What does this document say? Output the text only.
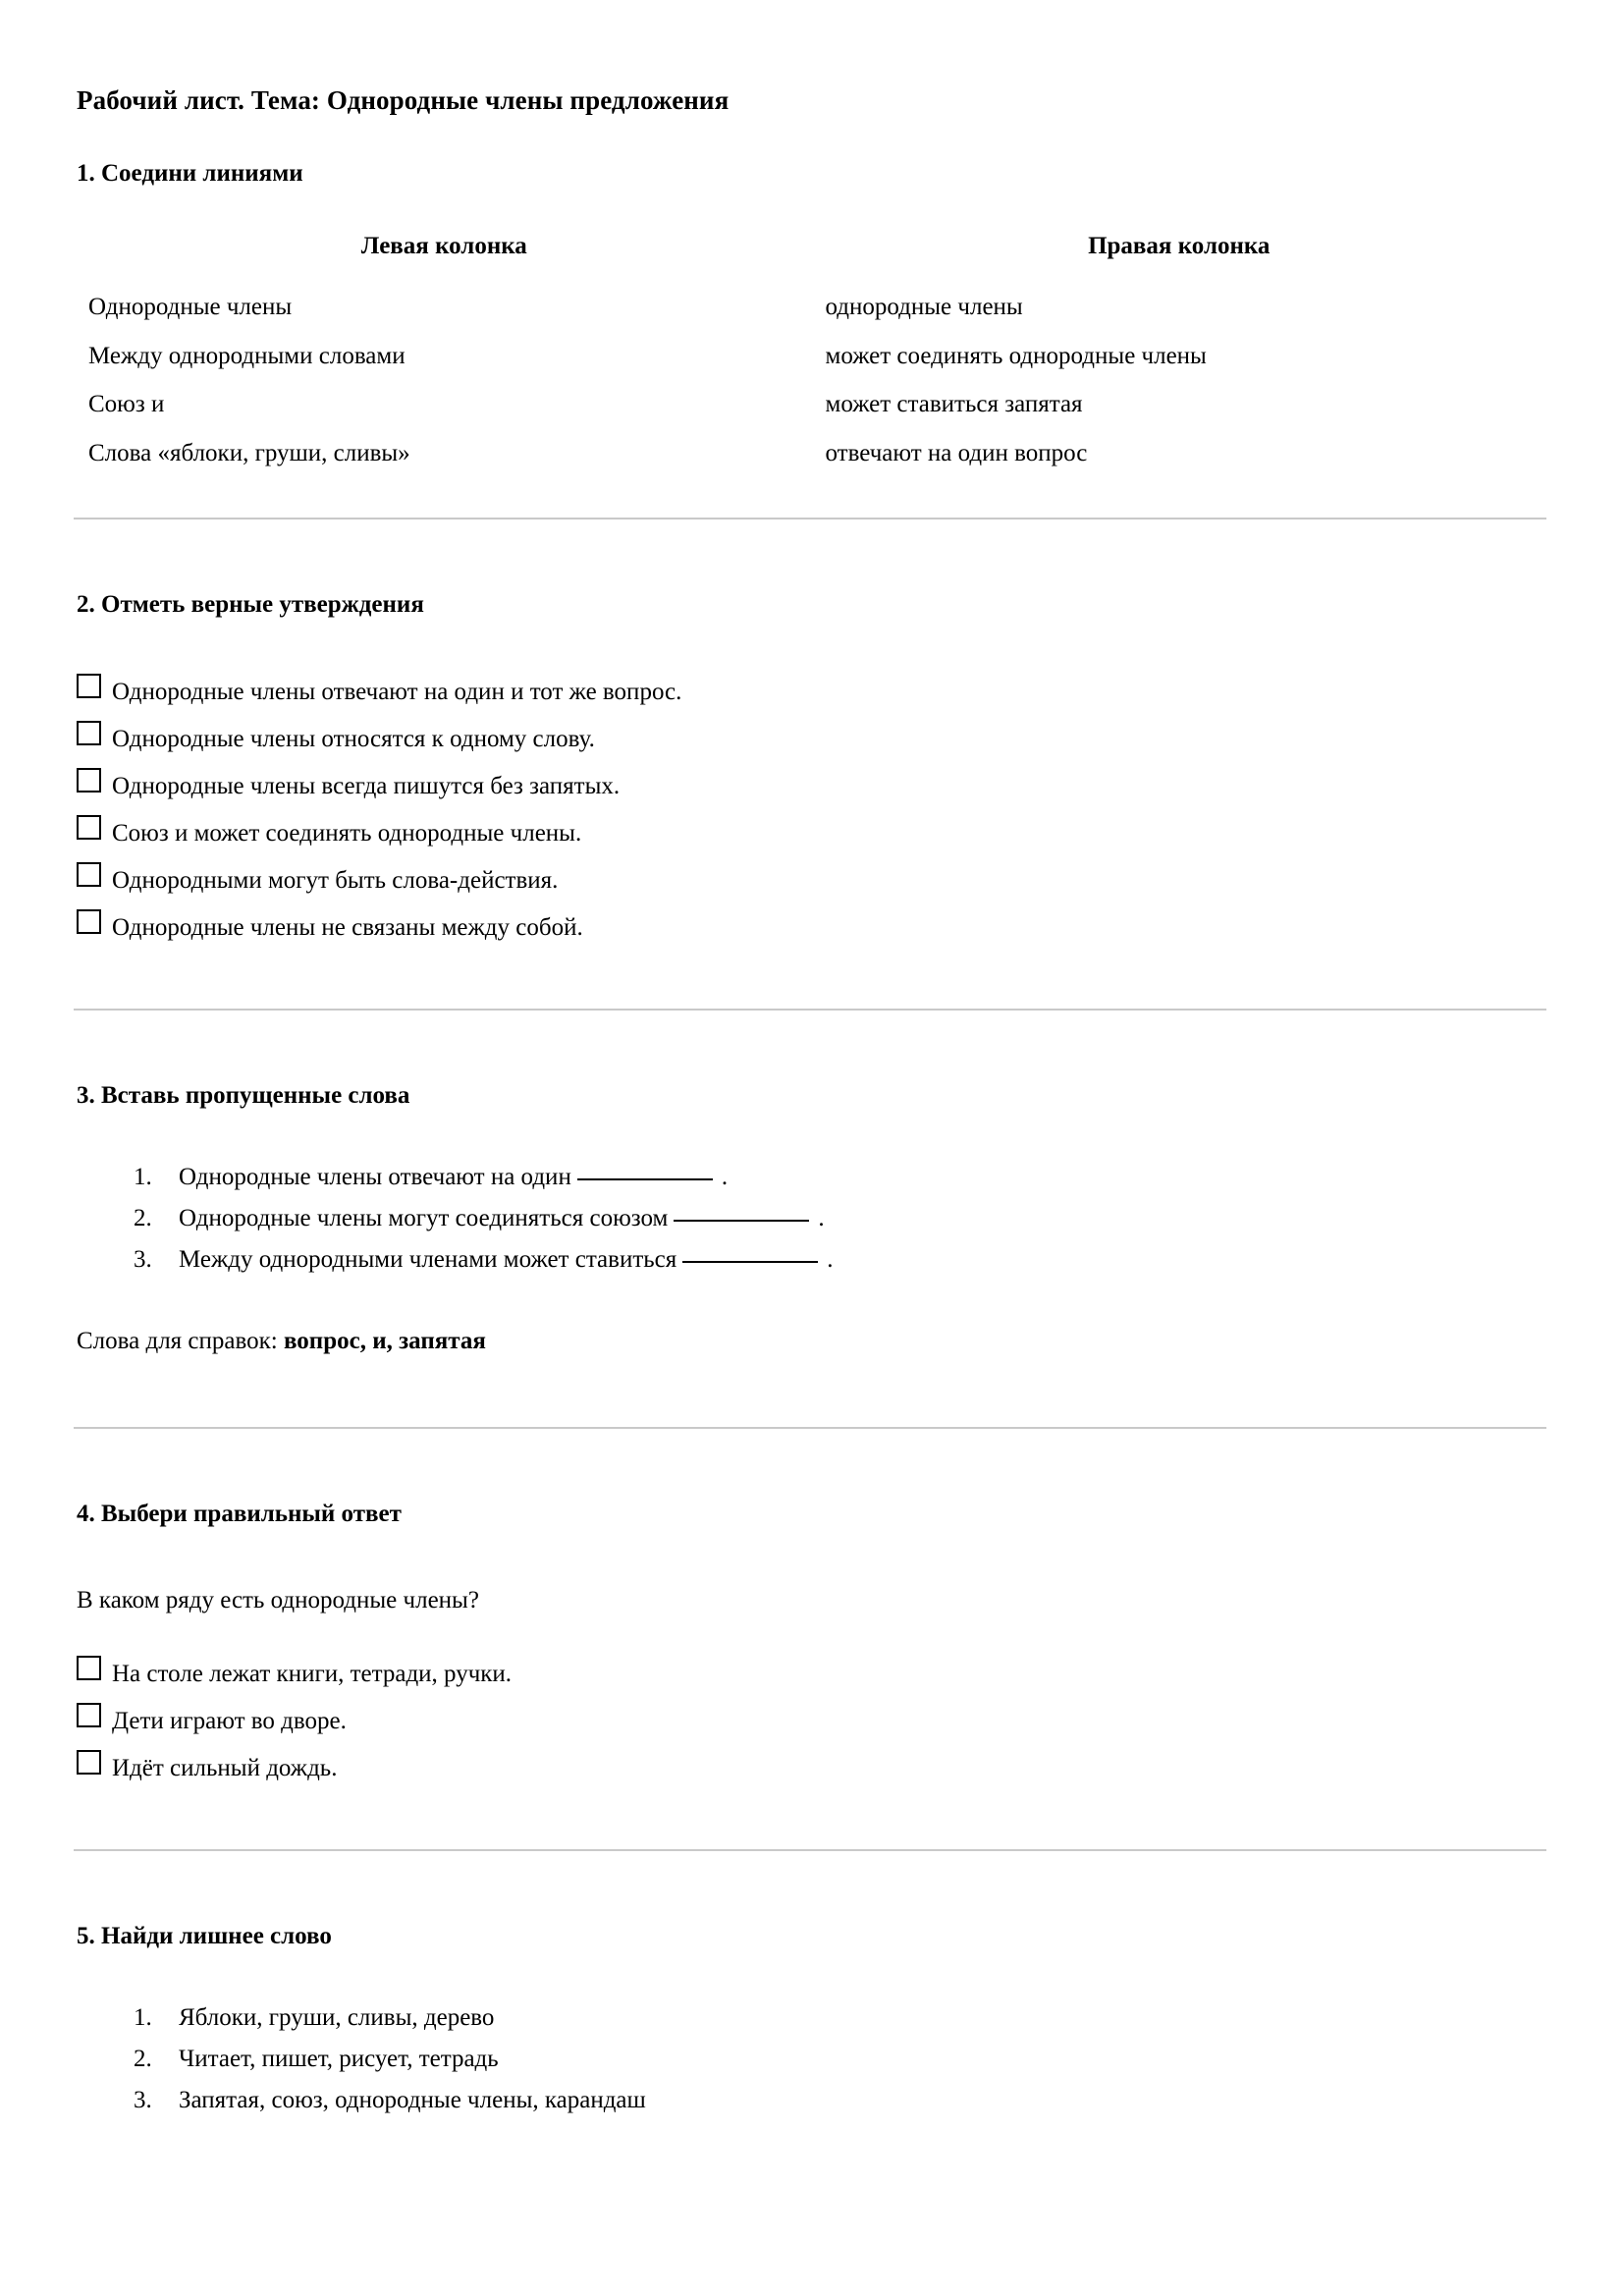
Рабочий лист. Тема: Однородные члены предложения
1. Соедини линиями
Левая колонка	Правая колонка
Однородные члены	однородные члены
Между однородными словами	может соединять однородные члены
Союз и	может ставиться запятая
Слова «яблоки, груши, сливы»	отвечают на один вопрос
2. Отметь верные утверждения
Однородные члены отвечают на один и тот же вопрос.
Однородные члены относятся к одному слову.
Однородные члены всегда пишутся без запятых.
Союз и может соединять однородные члены.
Однородными могут быть слова-действия.
Однородные члены не связаны между собой.
3. Вставь пропущенные слова
1.	Однородные члены отвечают на один	.
2.	Однородные члены могут соединяться союзом	.
3.	Между однородными членами может ставиться	.

Слова для справок: вопрос, и, запятая

4. Выбери правильный ответ

В каком ряду есть однородные члены?

На столе лежат книги, тетради, ручки.
Дети играют во дворе.
Идёт сильный дождь.
5. Найди лишнее слово
1.	Яблоки, груши, сливы, дерево
2.	Читает, пишет, рисует, тетрадь
3.	Запятая, союз, однородные члены, карандаш
